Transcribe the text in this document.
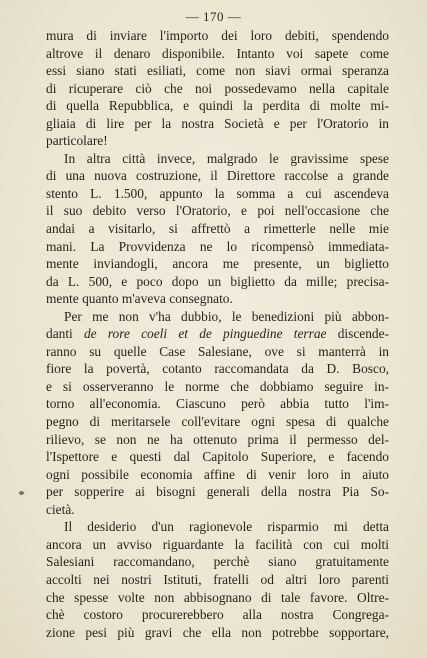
— 170 —
mura di inviare l'importo dei loro debiti, spendendo
altrove il denaro disponibile. Intanto voi sapete come
essi siano stati esiliati, come non siavi ormai speranza
di ricuperare ciò che noi possedevamo nella capitale
di quella Repubblica, e quindi la perdita di molte mi-
gliaia di lire per la nostra Società e per l'Oratorio in
particolare!
In altra città invece, malgrado le gravissime spese
di una nuova costruzione, il Direttore raccolse a grande
stento L. 1.500, appunto la somma a cui ascendeva
il suo debito verso l'Oratorio, e poi nell'occasione che
andai a visitarlo, si affrettò a rimetterle nelle mie
mani. La Provvidenza ne lo ricompensò immediata-
mente inviandogli, ancora me presente, un biglietto
da L. 500, e poco dopo un biglietto da mille; precisa-
mente quanto m'aveva consegnato.
Per me non v'ha dubbio, le benedizioni più abbon-
danti de rore coeli et de pinguedine terrae discende-
ranno su quelle Case Salesiane, ove si manterrà in
fiore la povertà, cotanto raccomandata da D. Bosco,
e si osserveranno le norme che dobbiamo seguire in-
torno all'economia. Ciascuno però abbia tutto l'im-
pegno di meritarsele coll'evitare ogni spesa di qualche
rilievo, se non ne ha ottenuto prima il permesso del-
l'Ispettore e questi dal Capitolo Superiore, e facendo
ogni possibile economia affine di venir loro in aiuto
per sopperire ai bisogni generali della nostra Pia So-
cietà.
Il desiderio d'un ragionevole risparmio mi detta
ancora un avviso riguardante la facilità con cui molti
Salesiani raccomandano, perchè siano gratuitamente
accolti nei nostri Istituti, fratelli od altri loro parenti
che spesse volte non abbisognano di tale favore. Oltre-
chè costoro procurerebbero alla nostra Congrega-
zione pesi più gravi che ella non potrebbe sopportare,
